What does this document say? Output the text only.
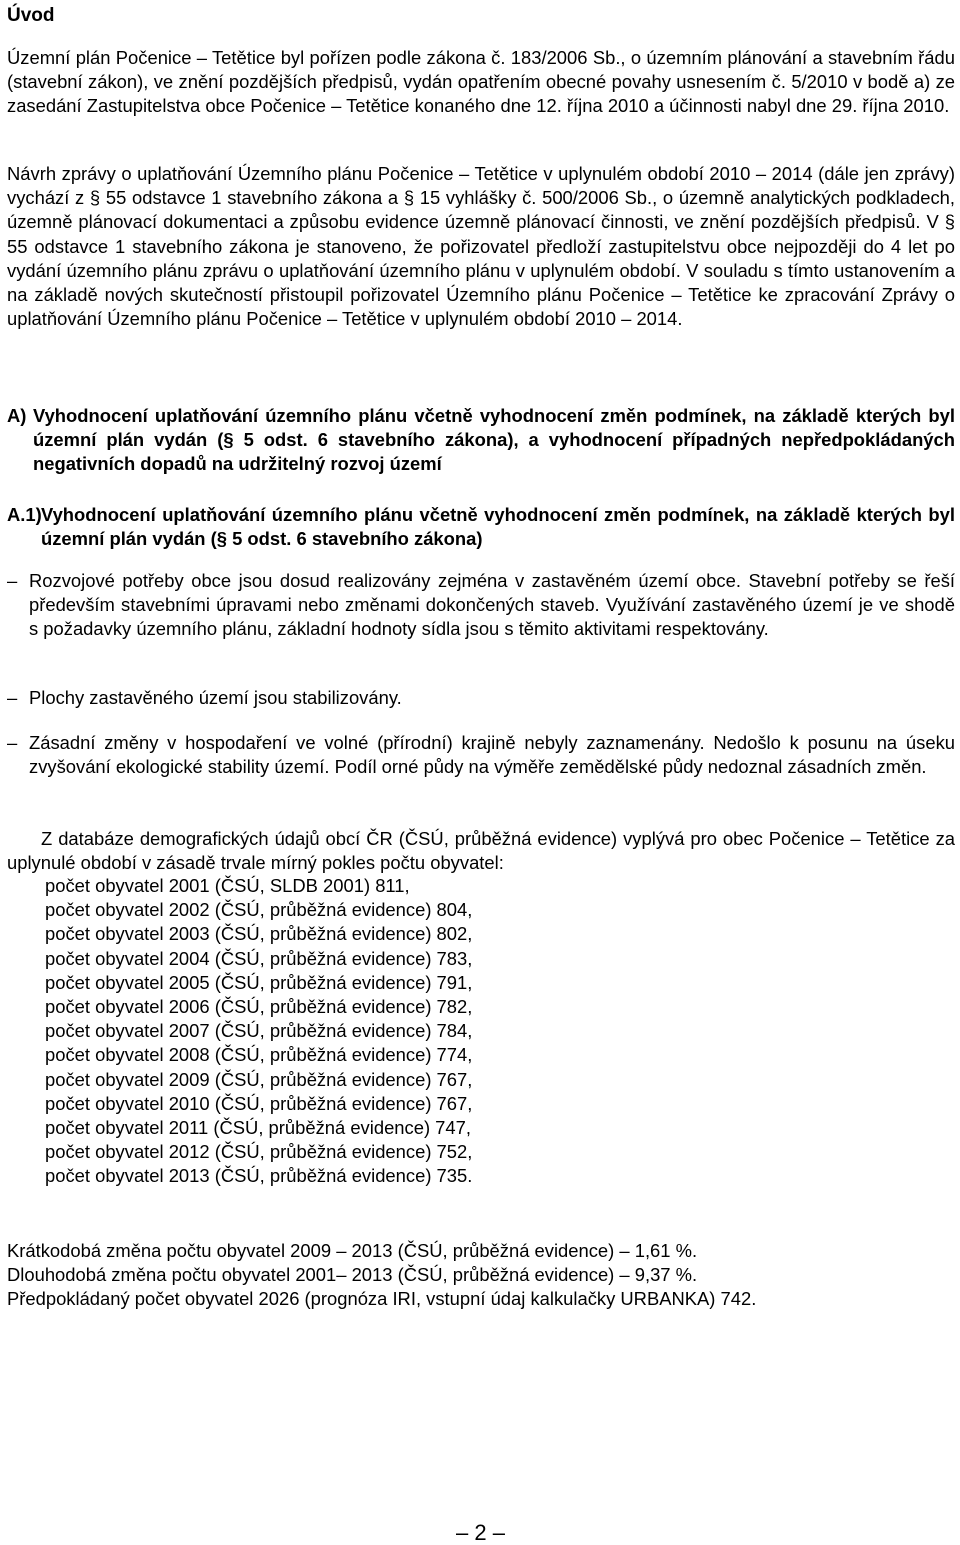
Úvod

Územní plán Počenice – Tetětice byl pořízen podle zákona č. 183/2006 Sb., o územním plánování a stavebním řádu (stavební zákon), ve znění pozdějších předpisů, vydán opatřením obecné povahy usnesením č. 5/2010 v bodě a) ze zasedání Zastupitelstva obce Počenice – Tetětice konaného dne 12. října 2010 a účinnosti nabyl dne 29. října 2010.

Návrh zprávy o uplatňování Územního plánu Počenice – Tetětice v uplynulém období 2010 – 2014 (dále jen zprávy) vychází z § 55 odstavce 1 stavebního zákona a § 15 vyhlášky č. 500/2006 Sb., o územně analytických podkladech, územně plánovací dokumentaci a způsobu evidence územně plánovací činnosti, ve znění pozdějších předpisů. V § 55 odstavce 1 stavebního zákona je stanoveno, že pořizovatel předloží zastupitelstvu obce nejpozději do 4 let po vydání územního plánu zprávu o uplatňování územního plánu v uplynulém období. V souladu s tímto ustanovením a na základě nových skutečností přistoupil pořizovatel Územního plánu Počenice – Tetětice ke zpracování Zprávy o uplatňování Územního plánu Počenice – Tetětice v uplynulém období 2010 – 2014.

A) Vyhodnocení uplatňování územního plánu včetně vyhodnocení změn podmínek, na základě kterých byl územní plán vydán (§ 5 odst. 6 stavebního zákona), a vyhodnocení případných nepředpokládaných negativních dopadů na udržitelný rozvoj území
A.1) Vyhodnocení uplatňování územního plánu včetně vyhodnocení změn podmínek, na základě kterých byl územní plán vydán (§ 5 odst. 6 stavebního zákona)
– Rozvojové potřeby obce jsou dosud realizovány zejména v zastavěném území obce. Stavební potřeby se řeší především stavebními úpravami nebo změnami dokončených staveb. Využívání zastavěného území je ve shodě s požadavky územního plánu, základní hodnoty sídla jsou s těmito aktivitami respektovány.
– Plochy zastavěného území jsou stabilizovány.
– Zásadní změny v hospodaření ve volné (přírodní) krajině nebyly zaznamenány. Nedošlo k posunu na úseku zvyšování ekologické stability území. Podíl orné půdy na výměře zemědělské půdy nedoznal zásadních změn.

Z databáze demografických údajů obcí ČR (ČSÚ, průběžná evidence) vyplývá pro obec Počenice – Tetětice za uplynulé období v zásadě trvale mírný pokles počtu obyvatel:

počet obyvatel 2001 (ČSÚ, SLDB 2001) 811,
počet obyvatel 2002 (ČSÚ, průběžná evidence) 804,
počet obyvatel 2003 (ČSÚ, průběžná evidence) 802,
počet obyvatel 2004 (ČSÚ, průběžná evidence) 783,
počet obyvatel 2005 (ČSÚ, průběžná evidence) 791,
počet obyvatel 2006 (ČSÚ, průběžná evidence) 782,
počet obyvatel 2007 (ČSÚ, průběžná evidence) 784,
počet obyvatel 2008 (ČSÚ, průběžná evidence) 774,
počet obyvatel 2009 (ČSÚ, průběžná evidence) 767,
počet obyvatel 2010 (ČSÚ, průběžná evidence) 767,
počet obyvatel 2011 (ČSÚ, průběžná evidence) 747,
počet obyvatel 2012 (ČSÚ, průběžná evidence) 752,
počet obyvatel 2013 (ČSÚ, průběžná evidence) 735.
Krátkodobá změna počtu obyvatel 2009 – 2013 (ČSÚ, průběžná evidence) – 1,61 %.
Dlouhodobá změna počtu obyvatel 2001– 2013 (ČSÚ, průběžná evidence) – 9,37 %.
Předpokládaný počet obyvatel 2026 (prognóza IRI, vstupní údaj kalkulačky URBANKA) 742.
– 2 –
